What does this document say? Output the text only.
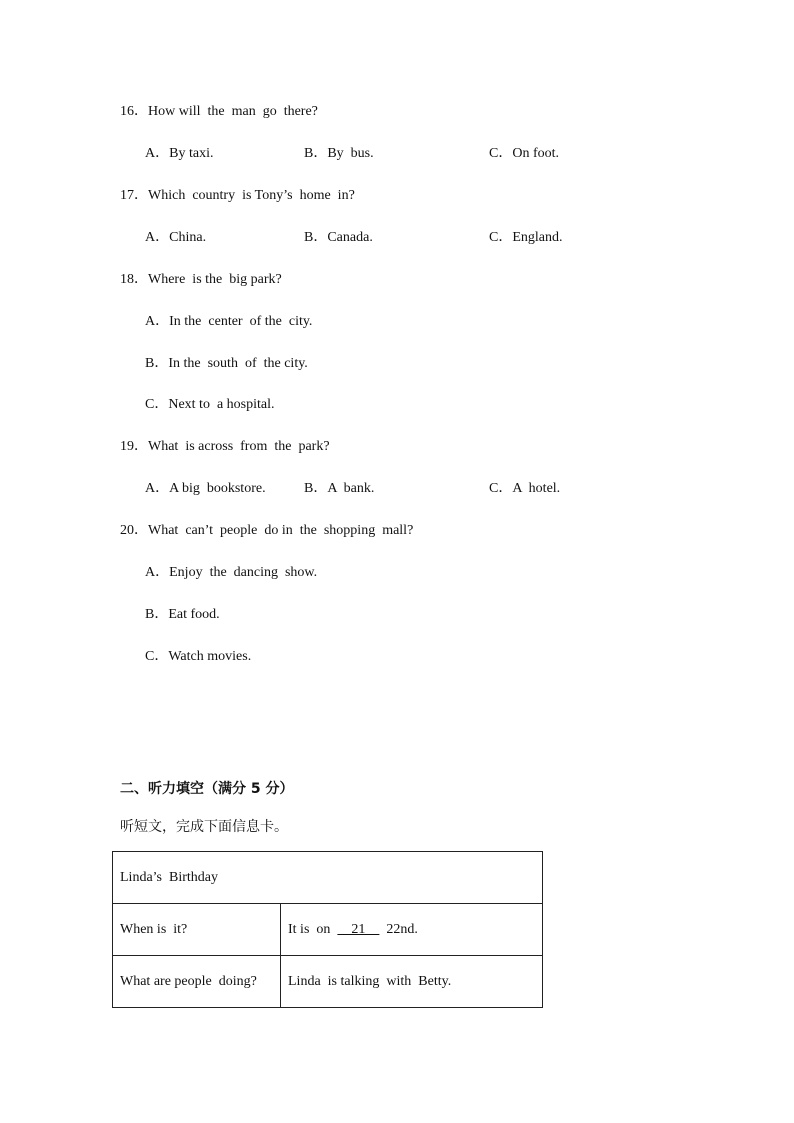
16．How will  the  man  go  there?
A．By taxi.	B．By  bus.	C．On foot.
17．Which  country  is Tony’s  home  in?
A．China.	B．Canada.	C．England.
18．Where  is the  big park?
A．In the  center  of the  city.
B．In the  south  of  the city.
C．Next to  a hospital.
19．What  is across  from  the  park?
A．A big  bookstore.	B．A  bank.	C．A  hotel.
20．What  can’t  people  do in  the  shopping  mall?
A．Enjoy  the  dancing  show.
B．Eat food.
C．Watch movies.
二、听力填空（满分 5 分）
听短文，完成下面信息卡。
Linda’s  Birthday	
When is  it?	It is  on      21      22nd.
What are people  doing?	Linda  is talking  with  Betty.
